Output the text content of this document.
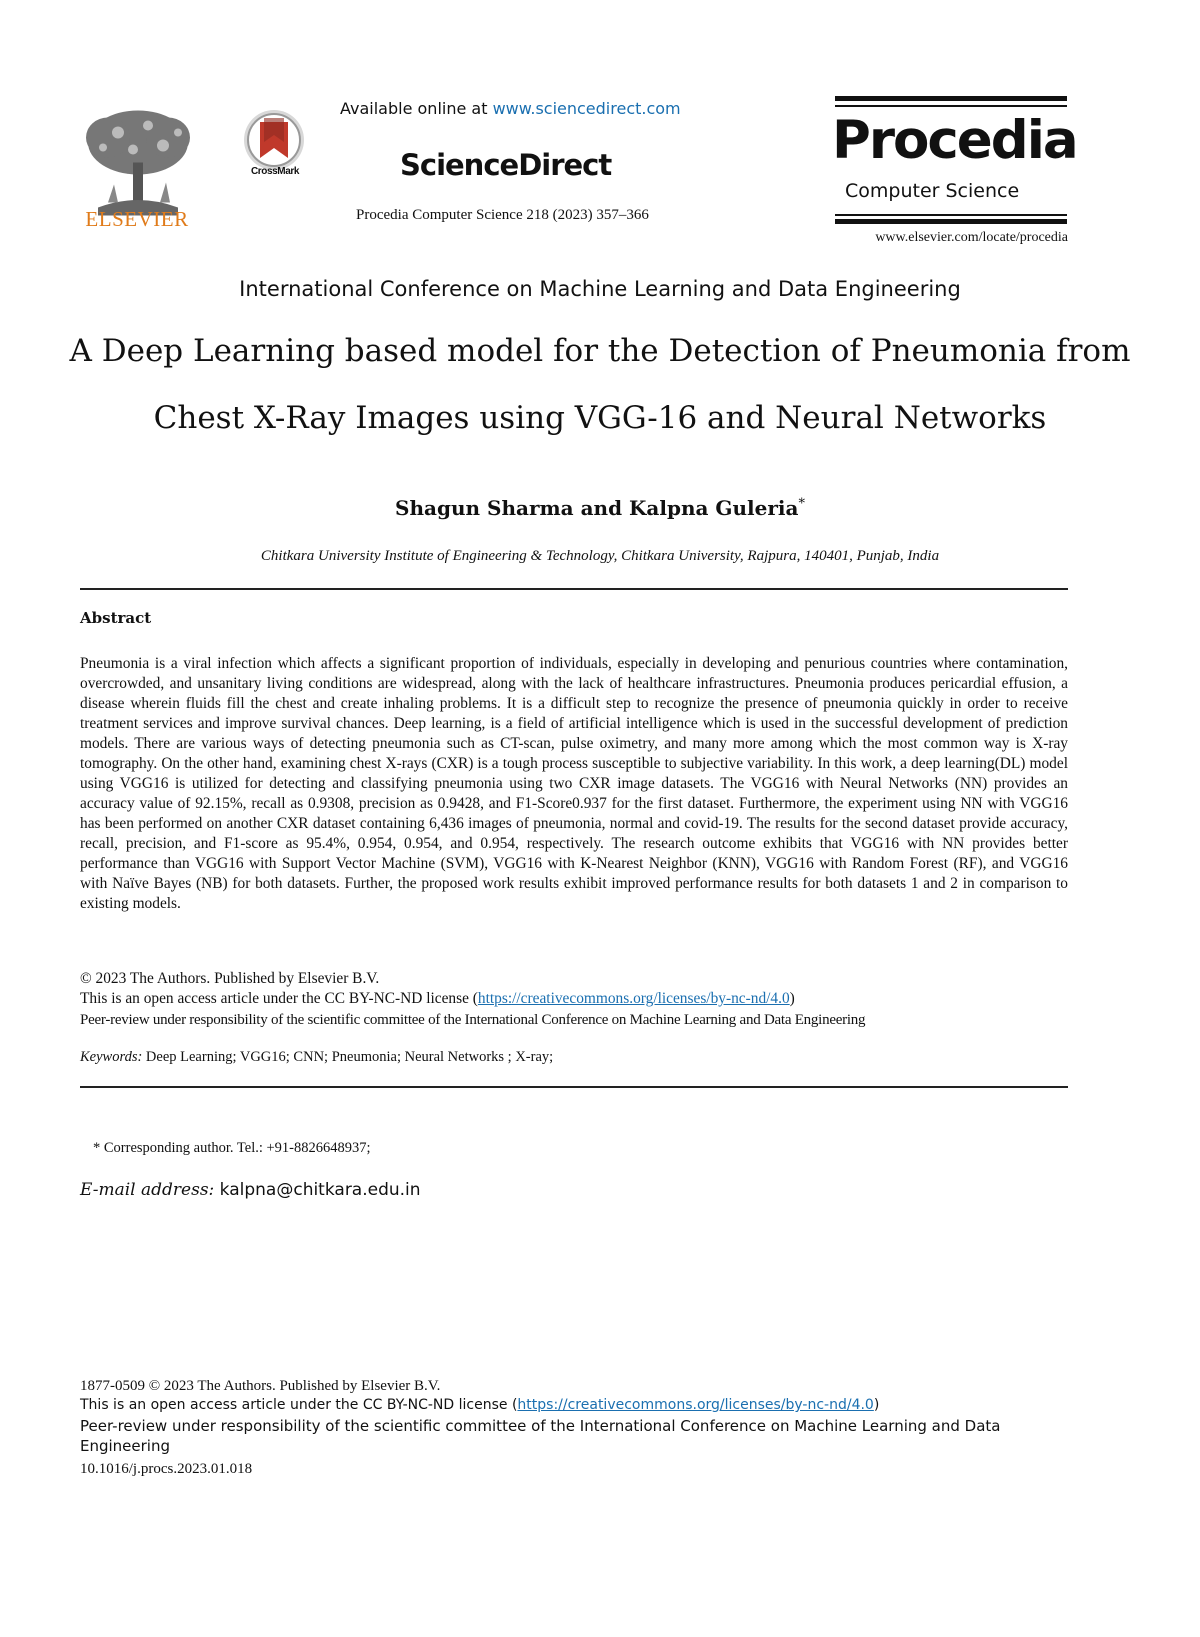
ELSEVIER
CrossMark
Available online at www.sciencedirect.com
ScienceDirect
Procedia Computer Science 218 (2023) 357–366
Procedia
Computer Science
www.elsevier.com/locate/procedia
International Conference on Machine Learning and Data Engineering
A Deep Learning based model for the Detection of Pneumonia from
Chest X-Ray Images using VGG-16 and Neural Networks
Shagun Sharma and Kalpna Guleria*
Chitkara University Institute of Engineering & Technology, Chitkara University, Rajpura, 140401, Punjab, India
Abstract
Pneumonia is a viral infection which affects a significant proportion of individuals, especially in developing and penurious countries where contamination, overcrowded, and unsanitary living conditions are widespread, along with the lack of healthcare infrastructures. Pneumonia produces pericardial effusion, a disease wherein fluids fill the chest and create inhaling problems. It is a difficult step to recognize the presence of pneumonia quickly in order to receive treatment services and improve survival chances. Deep learning, is a field of artificial intelligence which is used in the successful development of prediction models. There are various ways of detecting pneumonia such as CT-scan, pulse oximetry, and many more among which the most common way is X-ray tomography. On the other hand, examining chest X-rays (CXR) is a tough process susceptible to subjective variability. In this work, a deep learning(DL) model using VGG16 is utilized for detecting and classifying pneumonia using two CXR image datasets. The VGG16 with Neural Networks (NN) provides an accuracy value of 92.15%, recall as 0.9308, precision as 0.9428, and F1-Score0.937 for the first dataset. Furthermore, the experiment using NN with VGG16 has been performed on another CXR dataset containing 6,436 images of pneumonia, normal and covid-19. The results for the second dataset provide accuracy, recall, precision, and F1-score as 95.4%, 0.954, 0.954, and 0.954, respectively. The research outcome exhibits that VGG16 with NN provides better performance than VGG16 with Support Vector Machine (SVM), VGG16 with K-Nearest Neighbor (KNN), VGG16 with Random Forest (RF), and VGG16 with Naïve Bayes (NB) for both datasets. Further, the proposed work results exhibit improved performance results for both datasets 1 and 2 in comparison to existing models.
© 2023 The Authors. Published by Elsevier B.V.
This is an open access article under the CC BY-NC-ND license (https://creativecommons.org/licenses/by-nc-nd/4.0)
Peer-review under responsibility of the scientific committee of the International Conference on Machine Learning and Data Engineering
Keywords: Deep Learning; VGG16; CNN; Pneumonia; Neural Networks ; X-ray;
* Corresponding author. Tel.: +91-8826648937;
E-mail address: kalpna@chitkara.edu.in
1877-0509 © 2023 The Authors. Published by Elsevier B.V.
This is an open access article under the CC BY-NC-ND license (https://creativecommons.org/licenses/by-nc-nd/4.0)
Peer-review under responsibility of the scientific committee of the International Conference on Machine Learning and Data Engineering
10.1016/j.procs.2023.01.018
